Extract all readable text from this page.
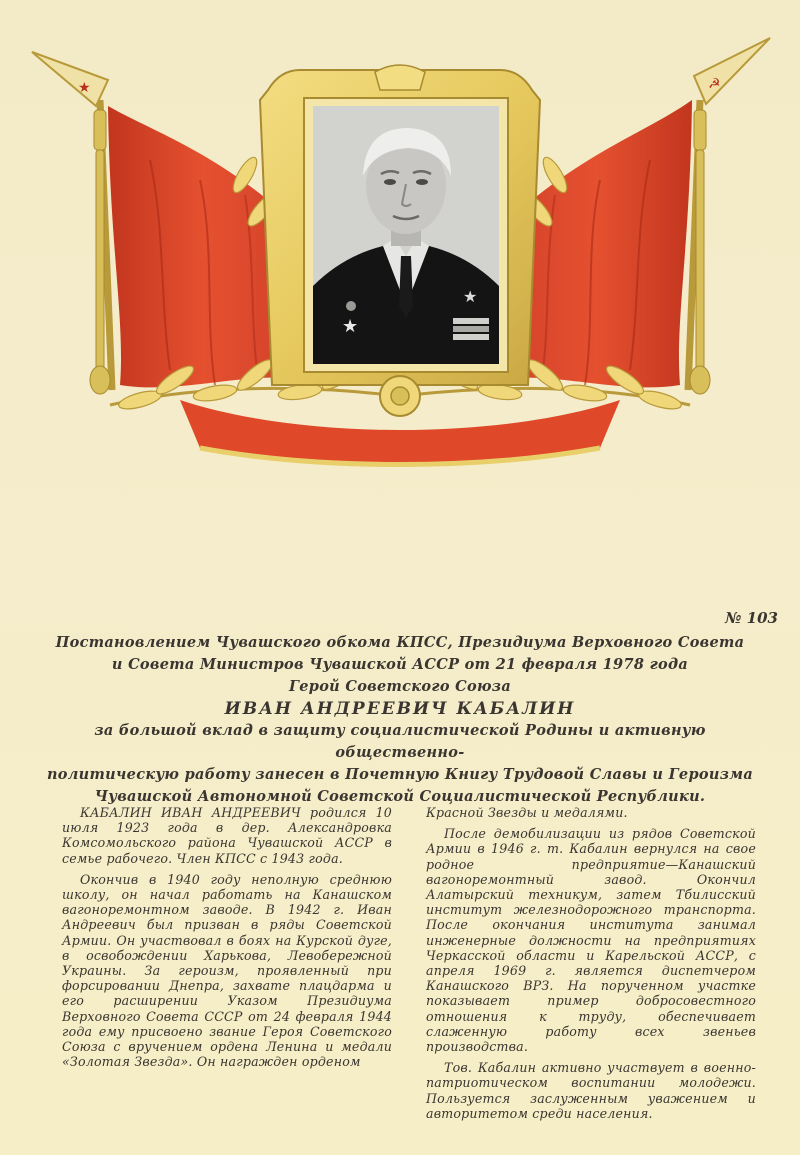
★	☭
★
★
№ 103
Постановлением Чувашского обкома КПСС, Президиума Верховного Совета
и Совета Министров Чувашской АССР от 21 февраля 1978 года
Герой Советского Союза
ИВАН АНДРЕЕВИЧ КАБАЛИН
за большой вклад в защиту социалистической Родины и активную общественно-
политическую работу занесен в Почетную Книгу Трудовой Славы и Героизма
Чувашской Автономной Советской Социалистической Республики.

КАБАЛИН ИВАН АНДРЕЕВИЧ родился 10 июля 1923 года в дер. Александровка Комсомольского района Чувашской АССР в семье рабочего. Член КПСС с 1943 года.

Окончив в 1940 году неполную среднюю школу, он начал работать на Канашском вагоноремонтном заводе. В 1942 г. Иван Андреевич был призван в ряды Советской Армии. Он участвовал в боях на Курской дуге, в освобождении Харькова, Левобережной Украины. За героизм, проявленный при форсировании Днепра, захвате плацдарма и его расширении Указом Президиума Верховного Совета СССР от 24 февраля 1944 года ему присвоено звание Героя Советского Союза с вручением ордена Ленина и медали «Золотая Звезда». Он награжден орденом

Красной Звезды и медалями.

После демобилизации из рядов Советской Армии в 1946 г. т. Кабалин вернулся на свое родное предприятие—Канашский вагоноремонтный завод. Окончил Алатырский техникум, затем Тбилисский институт железнодорожного транспорта. После окончания института занимал инженерные должности на предприятиях Черкасской области и Карельской АССР, с апреля 1969 г. является диспетчером Канашского ВРЗ. На порученном участке показывает пример добросовестного отношения к труду, обеспечивает слаженную работу всех звеньев производства.

Тов. Кабалин активно участвует в военно-патриотическом воспитании молодежи. Пользуется заслуженным уважением и авторитетом среди населения.
